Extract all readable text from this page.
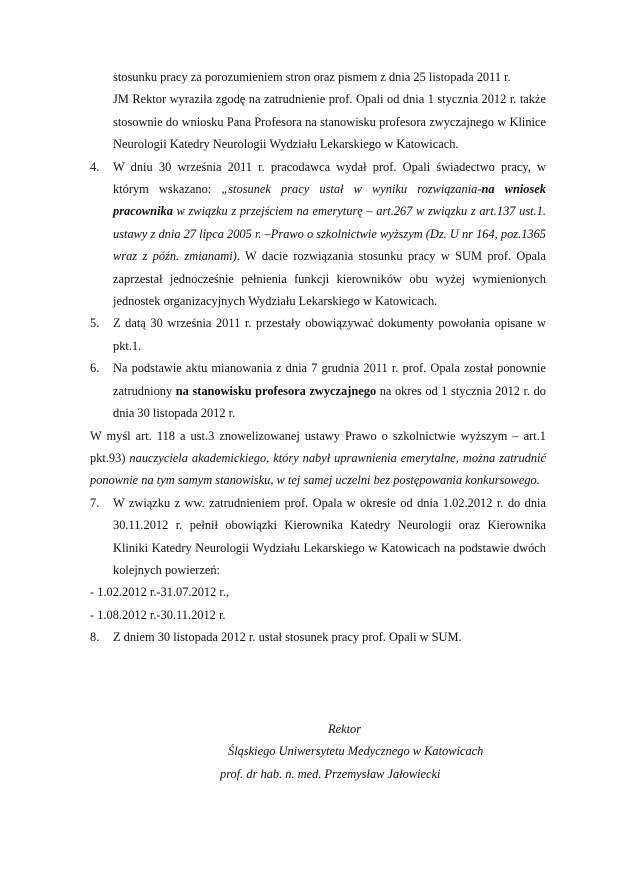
stosunku pracy za porozumieniem stron oraz pismem z dnia 25 listopada 2011 r.
JM Rektor wyraziła zgodę na zatrudnienie prof. Opali od dnia 1 stycznia 2012 r. także stosownie do wniosku Pana Profesora na stanowisku profesora zwyczajnego w Klinice Neurologii Katedry Neurologii Wydziału Lekarskiego w Katowicach.
4. W dniu 30 września 2011 r. pracodawca wydał prof. Opali świadectwo pracy, w którym wskazano: „stosunek pracy ustał w wyniku rozwiązania-na wniosek pracownika w związku z przejściem na emeryturę – art.267 w związku z art.137 ust.1. ustawy z dnia 27 lipca 2005 r. –Prawo o szkolnictwie wyższym (Dz. U nr 164, poz.1365 wraz z późn. zmianami). W dacie rozwiązania stosunku pracy w SUM prof. Opala zaprzestał jednocześnie pełnienia funkcji kierowników obu wyżej wymienionych jednostek organizacyjnych Wydziału Lekarskiego w Katowicach.
5. Z datą 30 września 2011 r. przestały obowiązywać dokumenty powołania opisane w pkt.1.
6. Na podstawie aktu mianowania z dnia 7 grudnia 2011 r. prof. Opala został ponownie zatrudniony na stanowisku profesora zwyczajnego na okres od 1 stycznia 2012 r. do dnia 30 listopada 2012 r.
W myśl art. 118 a ust.3 znowelizowanej ustawy Prawo o szkolnictwie wyższym – art.1 pkt.93) nauczyciela akademickiego, który nabył uprawnienia emerytalne, można zatrudnić ponownie na tym samym stanowisku, w tej samej uczelni bez postępowania konkursowego.
7. W związku z ww. zatrudnieniem prof. Opala w okresie od dnia 1.02.2012 r. do dnia 30.11.2012 r. pełnił obowiązki Kierownika Katedry Neurologii oraz Kierownika Kliniki Katedry Neurologii Wydziału Lekarskiego w Katowicach na podstawie dwóch kolejnych powierzeń:
- 1.02.2012 r.-31.07.2012 r.,
- 1.08.2012 r.-30.11.2012 r.
8. Z dniem 30 listopada 2012 r. ustał stosunek pracy prof. Opali w SUM.
Rektor
Śląskiego Uniwersytetu Medycznego w Katowicach
prof. dr hab. n. med. Przemysław Jałowiecki
